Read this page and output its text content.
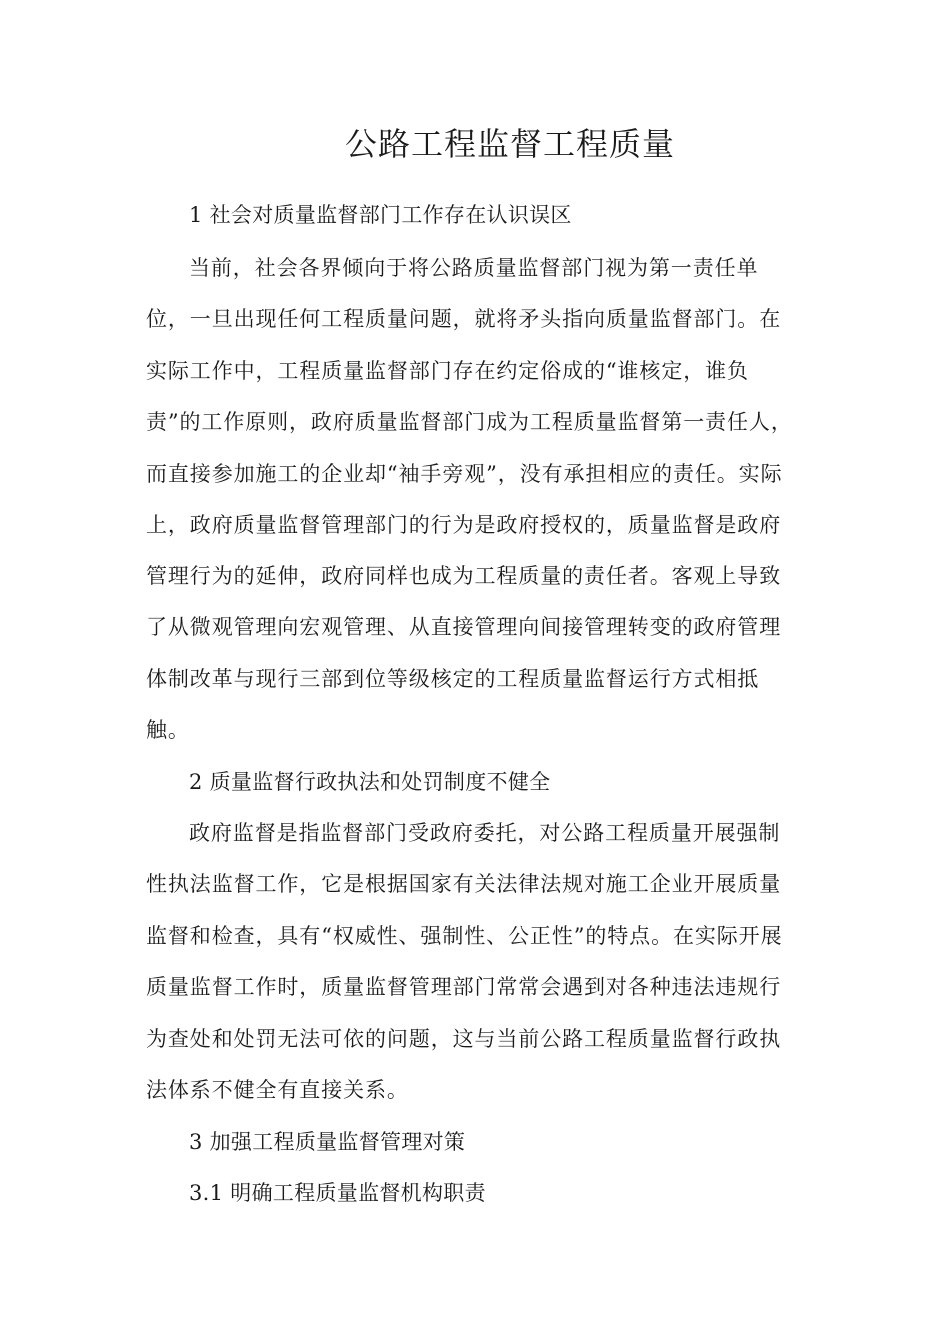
公路工程监督工程质量
1 社会对质量监督部门工作存在认识误区
当前，社会各界倾向于将公路质量监督部门视为第一责任单
位，一旦出现任何工程质量问题，就将矛头指向质量监督部门。在
实际工作中，工程质量监督部门存在约定俗成的“谁核定，谁负
责”的工作原则，政府质量监督部门成为工程质量监督第一责任人，
而直接参加施工的企业却“袖手旁观”，没有承担相应的责任。实际
上，政府质量监督管理部门的行为是政府授权的，质量监督是政府
管理行为的延伸，政府同样也成为工程质量的责任者。客观上导致
了从微观管理向宏观管理、从直接管理向间接管理转变的政府管理
体制改革与现行三部到位等级核定的工程质量监督运行方式相抵
触。
2 质量监督行政执法和处罚制度不健全
政府监督是指监督部门受政府委托，对公路工程质量开展强制
性执法监督工作，它是根据国家有关法律法规对施工企业开展质量
监督和检查，具有“权威性、强制性、公正性”的特点。在实际开展
质量监督工作时，质量监督管理部门常常会遇到对各种违法违规行
为查处和处罚无法可依的问题，这与当前公路工程质量监督行政执
法体系不健全有直接关系。
3 加强工程质量监督管理对策
3.1 明确工程质量监督机构职责
